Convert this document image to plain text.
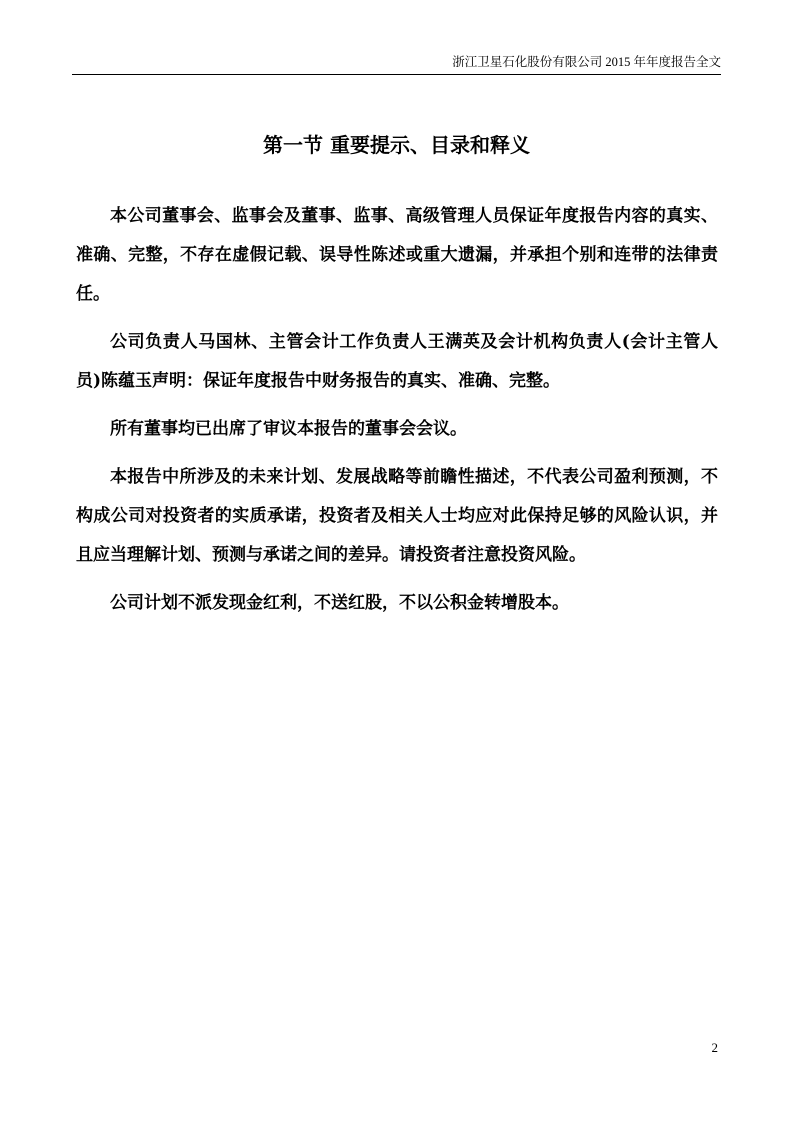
浙江卫星石化股份有限公司 2015 年年度报告全文
第一节 重要提示、目录和释义

本公司董事会、监事会及董事、监事、高级管理人员保证年度报告内容的真实、准确、完整，不存在虚假记载、误导性陈述或重大遗漏，并承担个别和连带的法律责任。

公司负责人马国林、主管会计工作负责人王满英及会计机构负责人(会计主管人员)陈蕴玉声明：保证年度报告中财务报告的真实、准确、完整。

所有董事均已出席了审议本报告的董事会会议。

本报告中所涉及的未来计划、发展战略等前瞻性描述，不代表公司盈利预测，不构成公司对投资者的实质承诺，投资者及相关人士均应对此保持足够的风险认识，并且应当理解计划、预测与承诺之间的差异。请投资者注意投资风险。

公司计划不派发现金红利，不送红股，不以公积金转增股本。

2
